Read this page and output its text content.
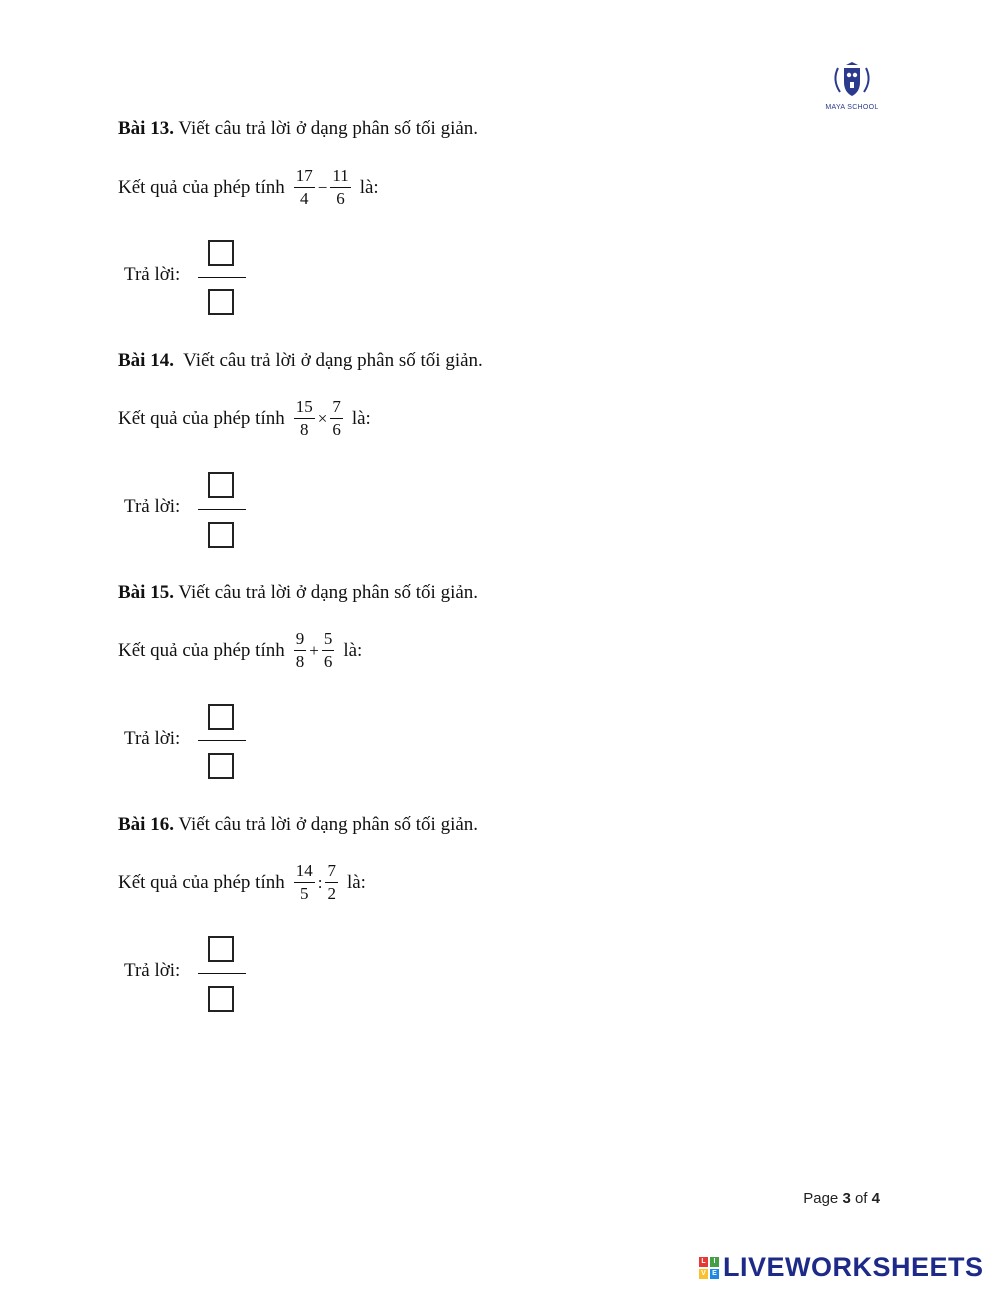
MAYA SCHOOL
Bài 13. Viết câu trả lời ở dạng phân số tối giản.
Kết quả của phép tính $\frac{17}{4} - \frac{11}{6}$ là:
Trả lời:
Bài 14. Viết câu trả lời ở dạng phân số tối giản.
Kết quả của phép tính $\frac{15}{8} \times \frac{7}{6}$ là:
Trả lời:
Bài 15. Viết câu trả lời ở dạng phân số tối giản.
Kết quả của phép tính $\frac{9}{8} + \frac{5}{6}$ là:
Trả lời:
Bài 16. Viết câu trả lời ở dạng phân số tối giản.
Kết quả của phép tính $\frac{14}{5}$ : $\frac{7}{2}$ là:
Trả lời:
Page 3 of 4
L	I
V E LIVEWORKSHEETS
